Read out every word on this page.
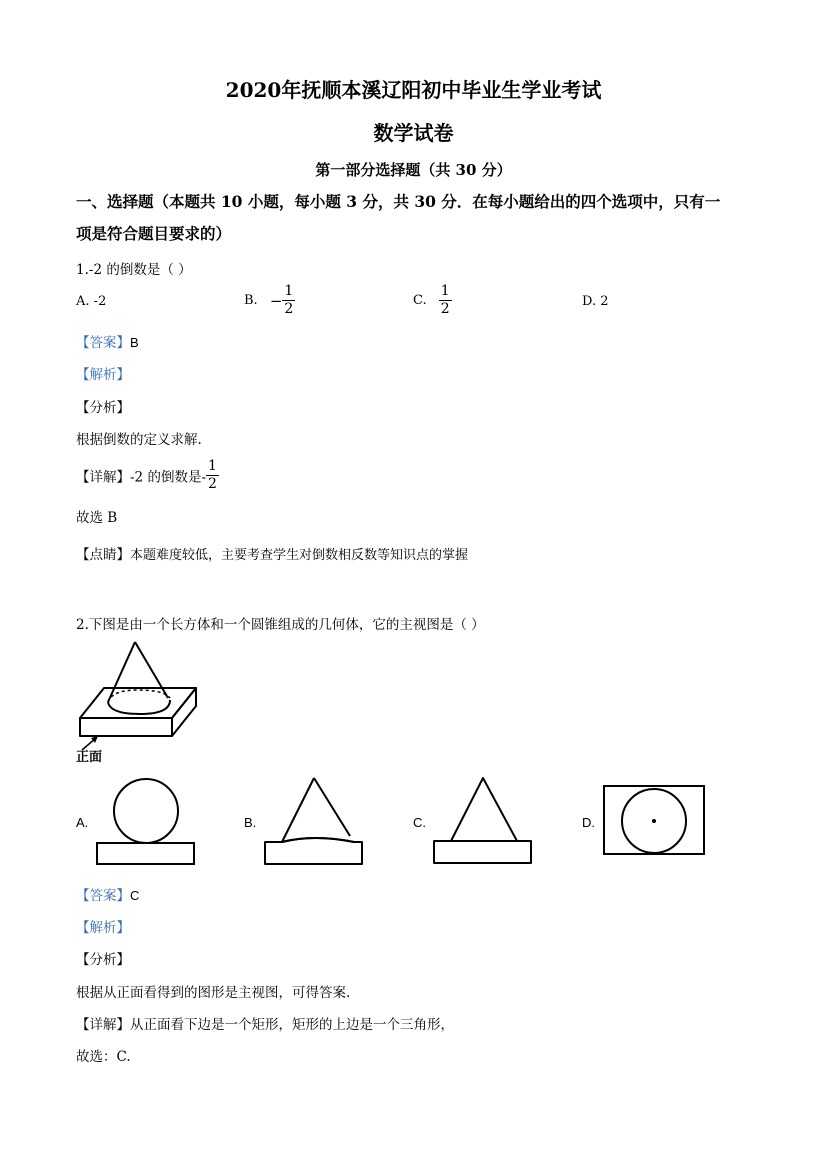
2020年抚顺本溪辽阳初中毕业生学业考试
数学试卷
第一部分选择题（共 30 分）
一、选择题（本题共 10 小题，每小题 3 分，共 30 分．在每小题给出的四个选项中，只有一
项是符合题目要求的）
1.-2 的倒数是（ ）
A. -2	B. − $\frac{1}{2}$	C. $\frac{1}{2}$	D. 2
【答案】B
【解析】
【分析】
根据倒数的定义求解.
【详解】-2 的倒数是- $\frac{1}{2}$
故选 B
【点睛】本题难度较低，主要考查学生对倒数相反数等知识点的掌握
2.下图是由一个长方体和一个圆锥组成的几何体，它的主视图是（ ）
正面
A.	B.	C.	D.
【答案】C
【解析】
【分析】
根据从正面看得到的图形是主视图，可得答案.
【详解】从正面看下边是一个矩形，矩形的上边是一个三角形，
故选：C.
